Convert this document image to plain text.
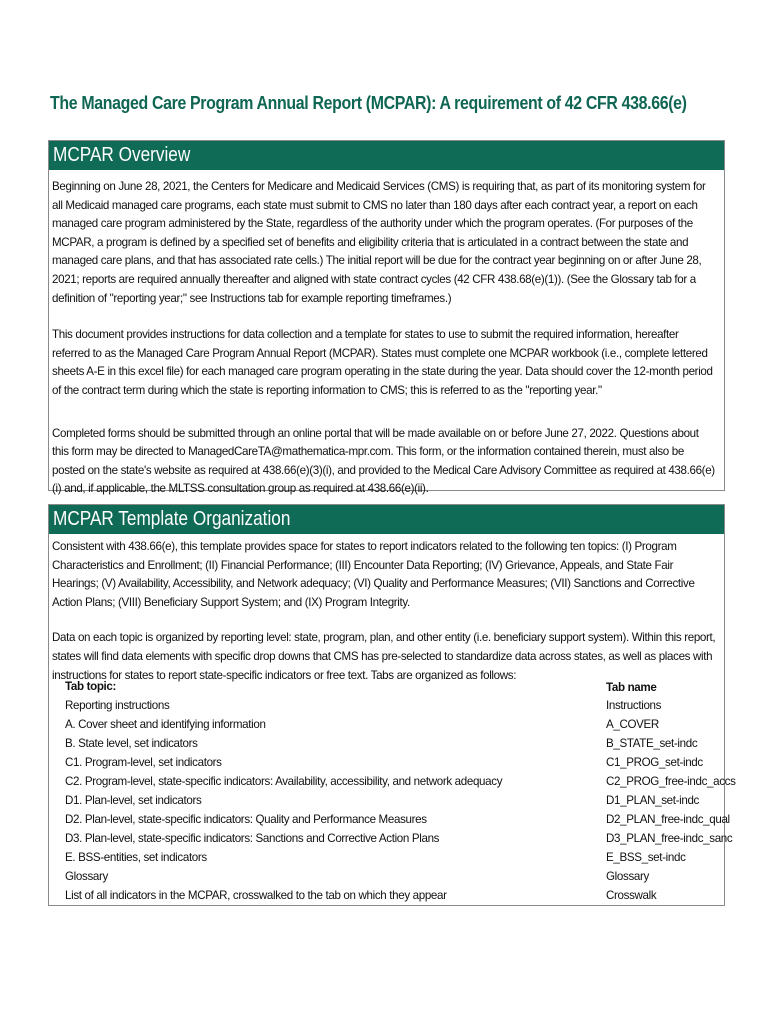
The Managed Care Program Annual Report (MCPAR): A requirement of 42 CFR 438.66(e)
MCPAR Overview
Beginning on June 28, 2021, the Centers for Medicare and Medicaid Services (CMS) is requiring that, as part of its monitoring system for all Medicaid managed care programs, each state must submit to CMS no later than 180 days after each contract year, a report on each managed care program administered by the State, regardless of the authority under which the program operates. (For purposes of the MCPAR, a program is defined by a specified set of benefits and eligibility criteria that is articulated in a contract between the state and managed care plans, and that has associated rate cells.) The initial report will be due for the contract year beginning on or after June 28, 2021; reports are required annually thereafter and aligned with state contract cycles (42 CFR 438.68(e)(1)). (See the Glossary tab for a definition of "reporting year;" see Instructions tab for example reporting timeframes.)
This document provides instructions for data collection and a template for states to use to submit the required information, hereafter referred to as the Managed Care Program Annual Report (MCPAR). States must complete one MCPAR workbook (i.e., complete lettered sheets A-E in this excel file) for each managed care program operating in the state during the year. Data should cover the 12-month period of the contract term during which the state is reporting information to CMS; this is referred to as the "reporting year."
Completed forms should be submitted through an online portal that will be made available on or before June 27, 2022. Questions about this form may be directed to ManagedCareTA@mathematica-mpr.com. This form, or the information contained therein, must also be posted on the state's website as required at 438.66(e)(3)(i), and provided to the Medical Care Advisory Committee as required at 438.66(e)(i) and, if applicable, the MLTSS consultation group as required at 438.66(e)(ii).
MCPAR Template Organization
Consistent with 438.66(e), this template provides space for states to report indicators related to the following ten topics: (I) Program Characteristics and Enrollment; (II) Financial Performance; (III) Encounter Data Reporting; (IV) Grievance, Appeals, and State Fair Hearings; (V) Availability, Accessibility, and Network adequacy; (VI) Quality and Performance Measures; (VII) Sanctions and Corrective Action Plans; (VIII) Beneficiary Support System; and (IX) Program Integrity.
Data on each topic is organized by reporting level: state, program, plan, and other entity (i.e. beneficiary support system). Within this report, states will find data elements with specific drop downs that CMS has pre-selected to standardize data across states, as well as places with instructions for states to report state-specific indicators or free text. Tabs are organized as follows:
Tab topic:	Tab name
Reporting instructions	Instructions
A. Cover sheet and identifying information	A_COVER
B. State level, set indicators	B_STATE_set-indc
C1. Program-level, set indicators	C1_PROG_set-indc
C2. Program-level, state-specific indicators: Availability, accessibility, and network adequacy	C2_PROG_free-indc_accs
D1. Plan-level, set indicators	D1_PLAN_set-indc
D2. Plan-level, state-specific indicators: Quality and Performance Measures	D2_PLAN_free-indc_qual
D3. Plan-level, state-specific indicators: Sanctions and Corrective Action Plans	D3_PLAN_free-indc_sanc
E. BSS-entities, set indicators	E_BSS_set-indc
Glossary	Glossary
List of all indicators in the MCPAR, crosswalked to the tab on which they appear	Crosswalk
